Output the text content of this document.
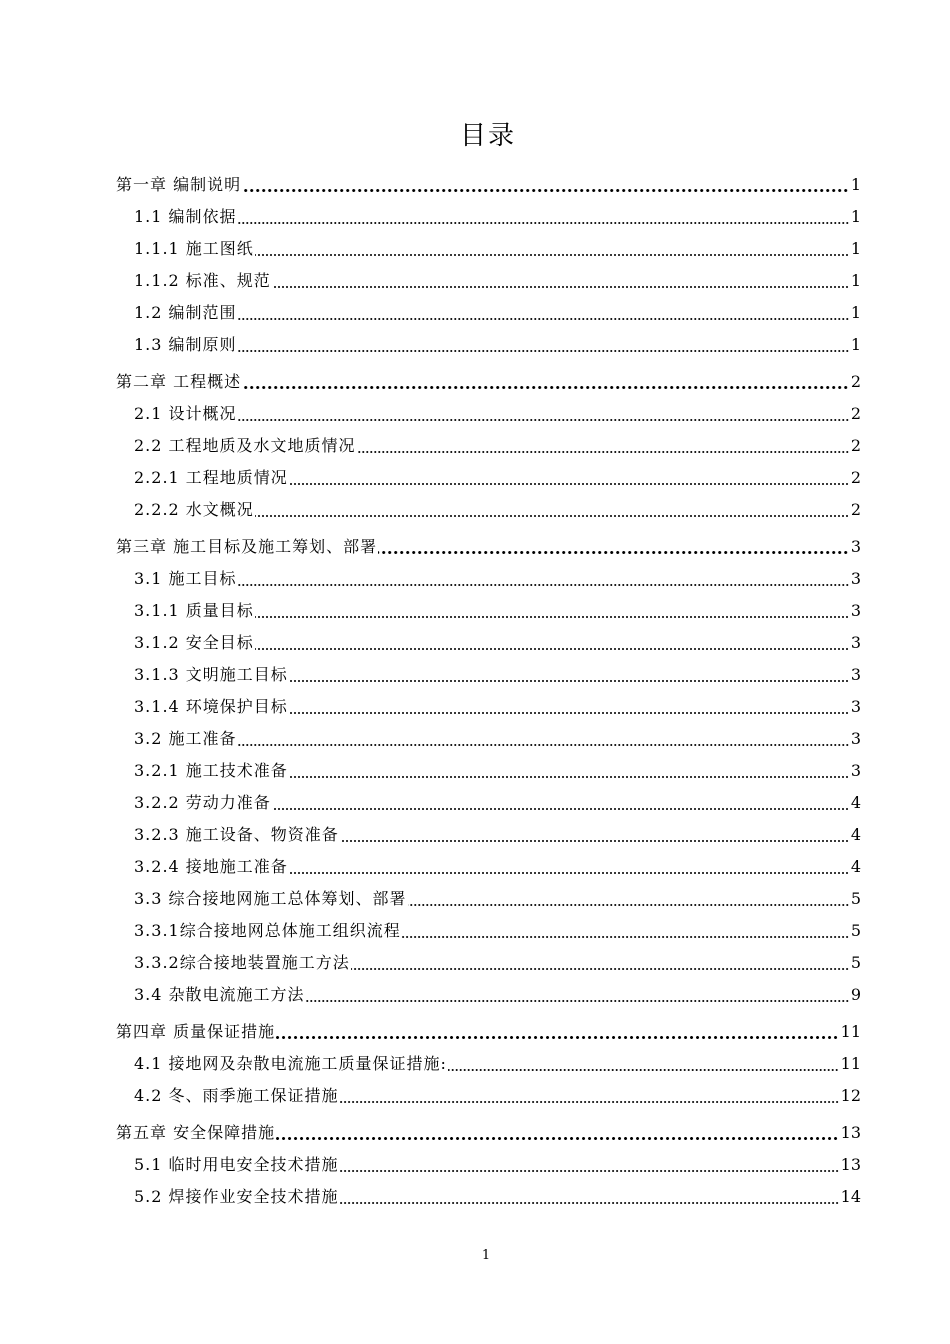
目录
第一章 编制说明	1
1.1 编制依据	1
1.1.1 施工图纸	1
1.1.2 标准、规范	1
1.2 编制范围	1
1.3 编制原则	1
第二章 工程概述	2
2.1 设计概况	2
2.2 工程地质及水文地质情况	2
2.2.1 工程地质情况	2
2.2.2 水文概况	2
第三章 施工目标及施工筹划、部署	3
3.1 施工目标	3
3.1.1 质量目标	3
3.1.2 安全目标	3
3.1.3 文明施工目标	3
3.1.4 环境保护目标	3
3.2 施工准备	3
3.2.1 施工技术准备	3
3.2.2 劳动力准备	4
3.2.3 施工设备、物资准备	4
3.2.4 接地施工准备	4
3.3 综合接地网施工总体筹划、部署	5
3.3.1综合接地网总体施工组织流程	5
3.3.2综合接地装置施工方法	5
3.4 杂散电流施工方法	9
第四章 质量保证措施	11
4.1 接地网及杂散电流施工质量保证措施:	11
4.2 冬、雨季施工保证措施	12
第五章 安全保障措施	13
5.1 临时用电安全技术措施	13
5.2 焊接作业安全技术措施	14
1
